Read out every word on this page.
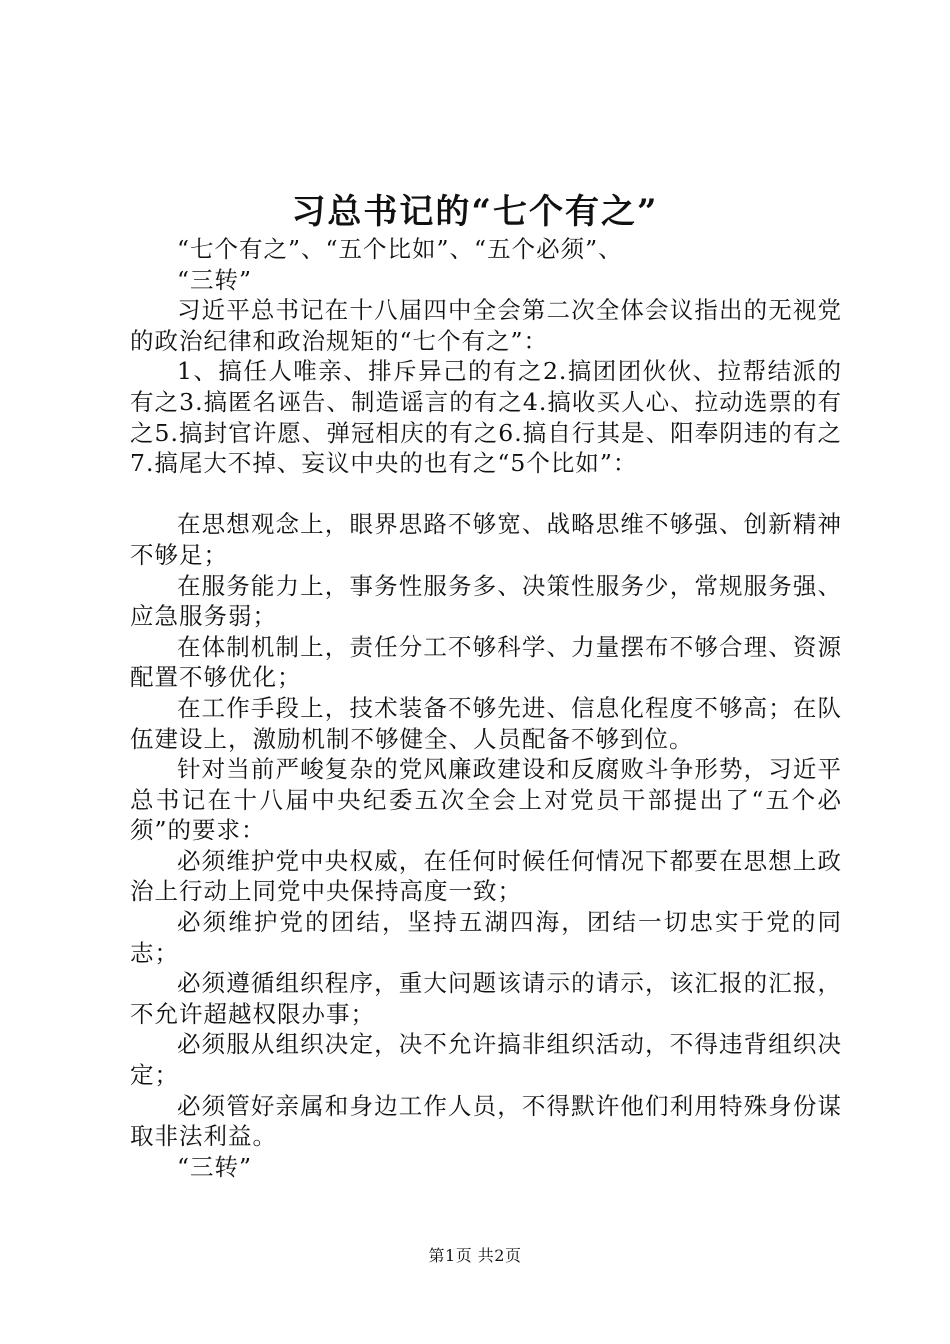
习总书记的“七个有之”

“七个有之”、“五个比如”、“五个必须”、

“三转”

习近平总书记在十八届四中全会第二次全体会议指出的无视党的政治纪律和政治规矩的“七个有之”：

1、搞任人唯亲、排斥异己的有之2.搞团团伙伙、拉帮结派的有之3.搞匿名诬告、制造谣言的有之4.搞收买人心、拉动选票的有之5.搞封官许愿、弹冠相庆的有之6.搞自行其是、阳奉阴违的有之7.搞尾大不掉、妄议中央的也有之“5个比如”：

在思想观念上，眼界思路不够宽、战略思维不够强、创新精神不够足；

在服务能力上，事务性服务多、决策性服务少，常规服务强、应急服务弱；

在体制机制上，责任分工不够科学、力量摆布不够合理、资源配置不够优化；

在工作手段上，技术装备不够先进、信息化程度不够高；在队伍建设上，激励机制不够健全、人员配备不够到位。

针对当前严峻复杂的党风廉政建设和反腐败斗争形势，习近平总书记在十八届中央纪委五次全会上对党员干部提出了“五个必须”的要求：

必须维护党中央权威，在任何时候任何情况下都要在思想上政治上行动上同党中央保持高度一致；

必须维护党的团结，坚持五湖四海，团结一切忠实于党的同志；

必须遵循组织程序，重大问题该请示的请示，该汇报的汇报，不允许超越权限办事；

必须服从组织决定，决不允许搞非组织活动，不得违背组织决定；

必须管好亲属和身边工作人员，不得默许他们利用特殊身份谋取非法利益。

“三转”

第1页 共2页
